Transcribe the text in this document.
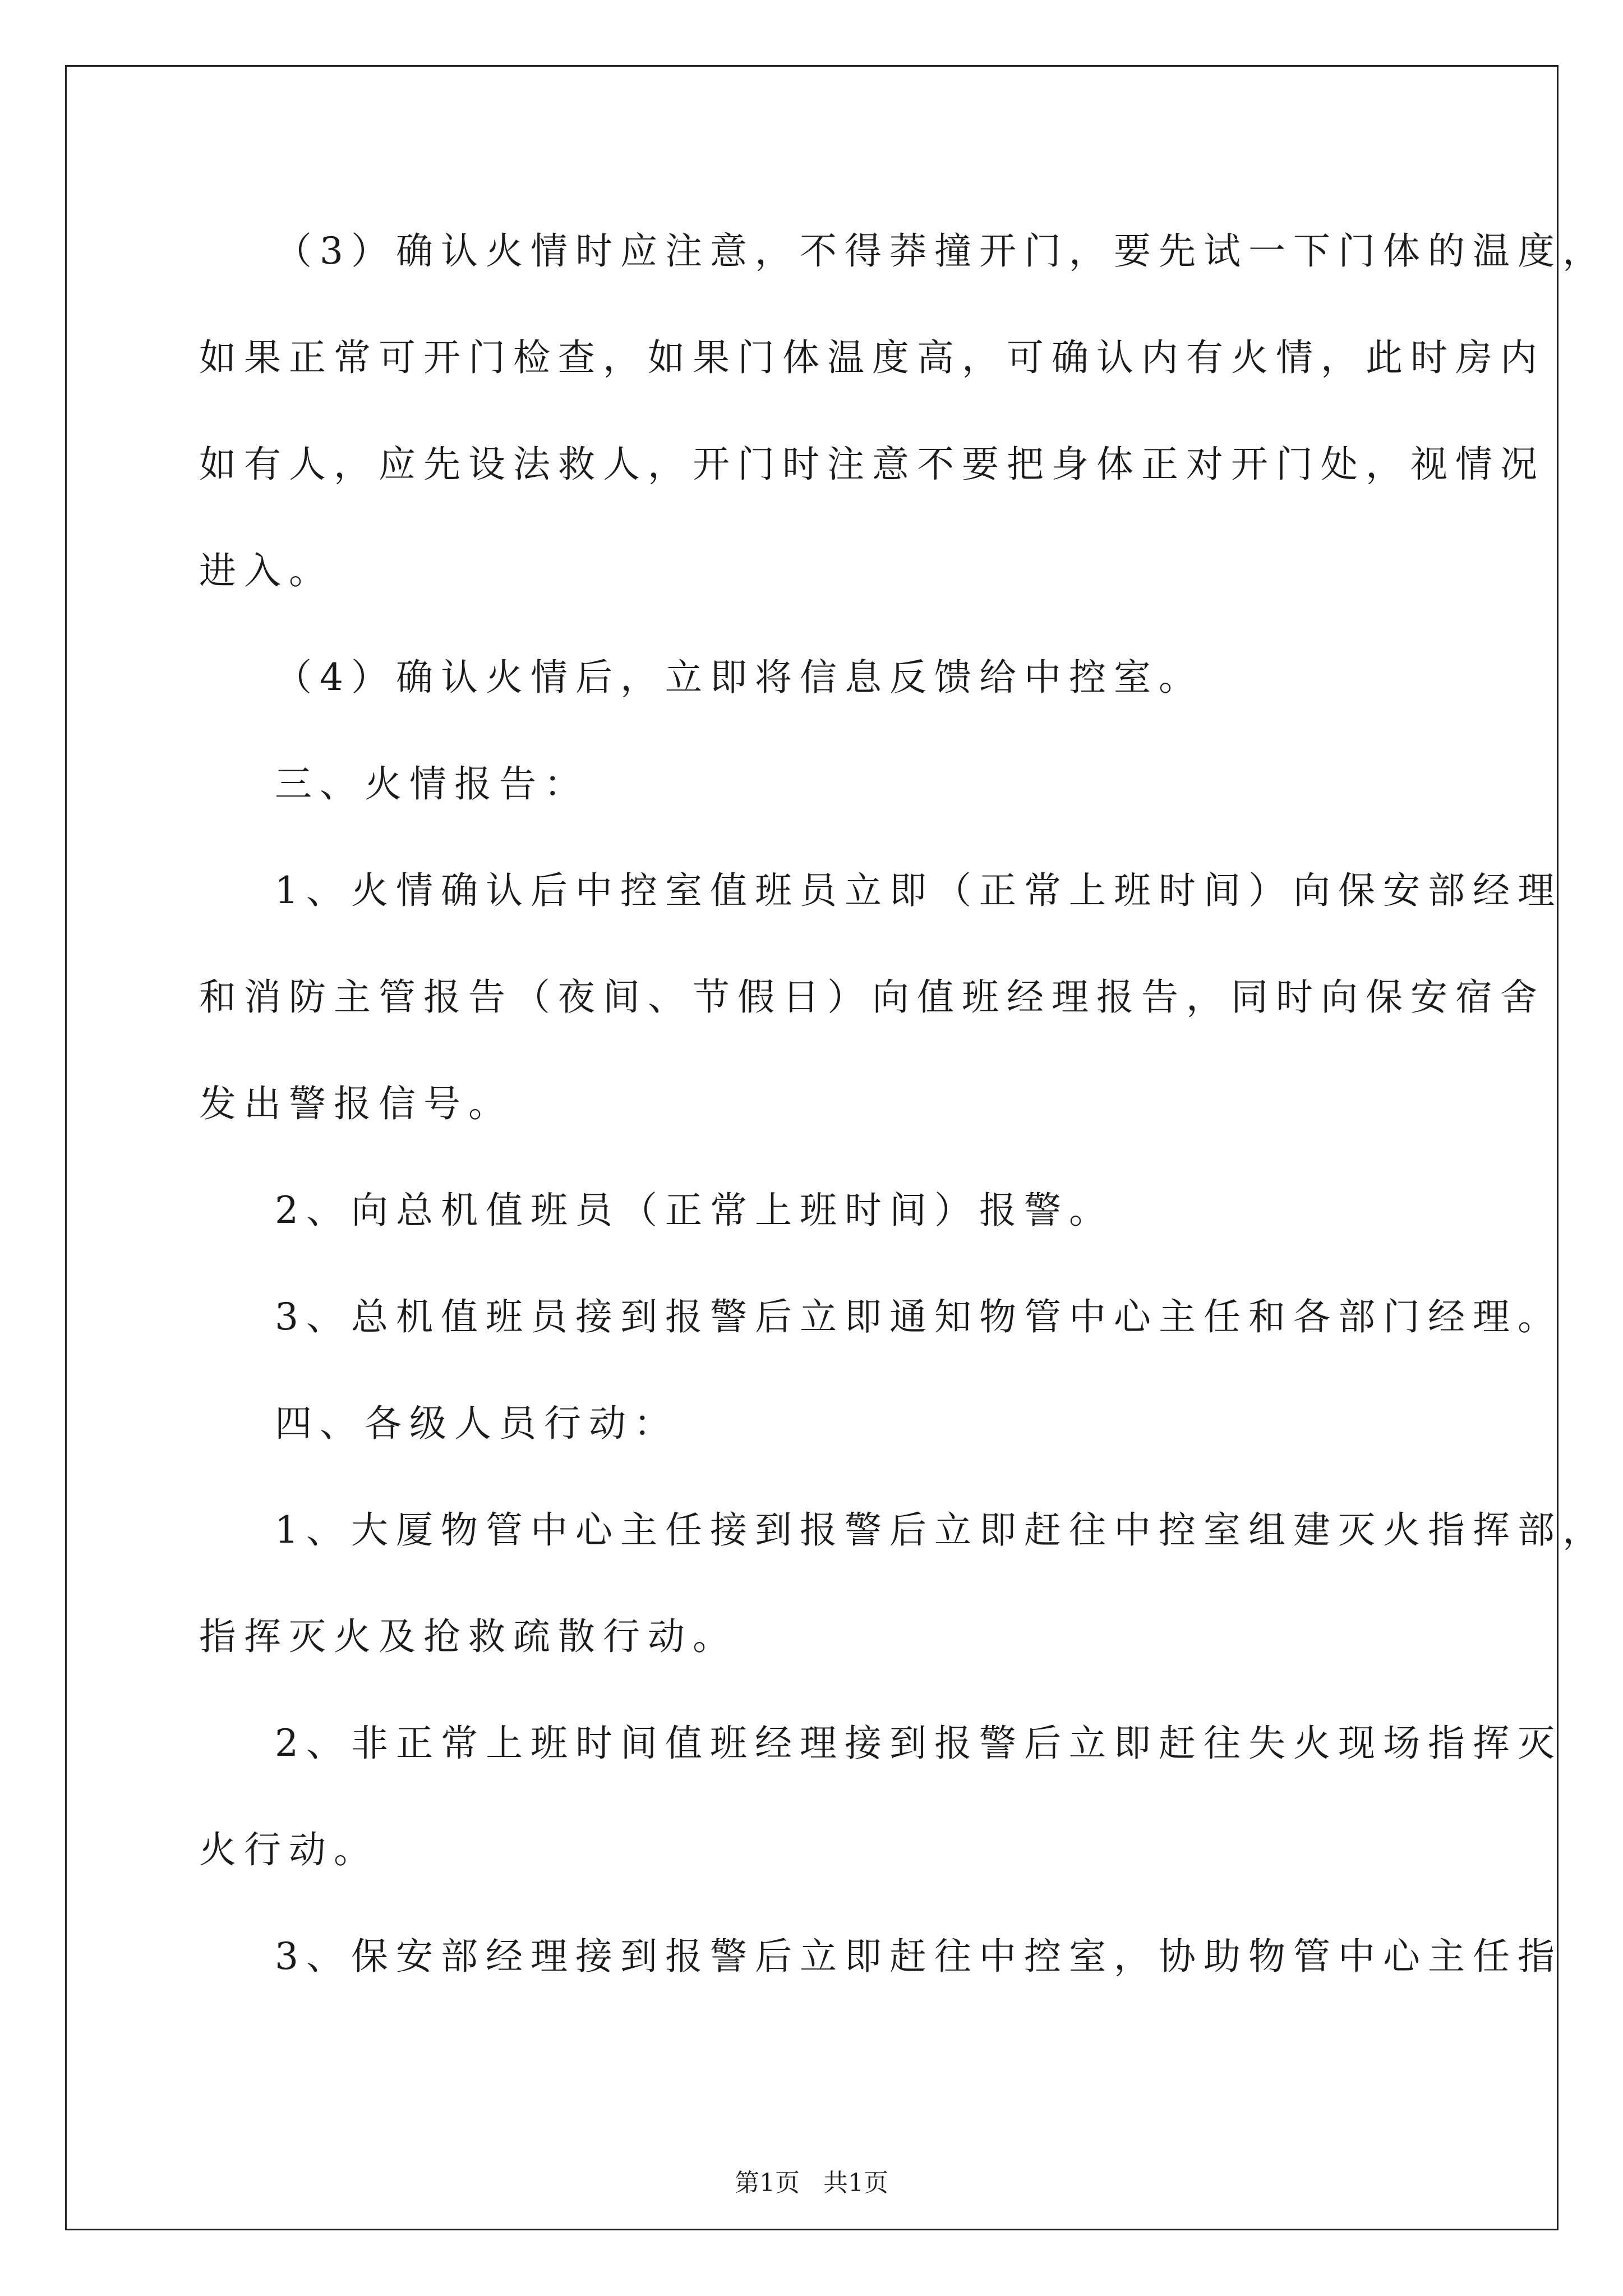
（3）确认火情时应注意，不得莽撞开门，要先试一下门体的温度，
如果正常可开门检查，如果门体温度高，可确认内有火情，此时房内
如有人，应先设法救人，开门时注意不要把身体正对开门处，视情况
进入。
（4）确认火情后，立即将信息反馈给中控室。
三、火情报告：
1、火情确认后中控室值班员立即（正常上班时间）向保安部经理
和消防主管报告（夜间、节假日）向值班经理报告，同时向保安宿舍
发出警报信号。
2、向总机值班员（正常上班时间）报警。
3、总机值班员接到报警后立即通知物管中心主任和各部门经理。
四、各级人员行动：
1、大厦物管中心主任接到报警后立即赶往中控室组建灭火指挥部，
指挥灭火及抢救疏散行动。
2、非正常上班时间值班经理接到报警后立即赶往失火现场指挥灭
火行动。
3、保安部经理接到报警后立即赶往中控室，协助物管中心主任指
第1页   共1页
